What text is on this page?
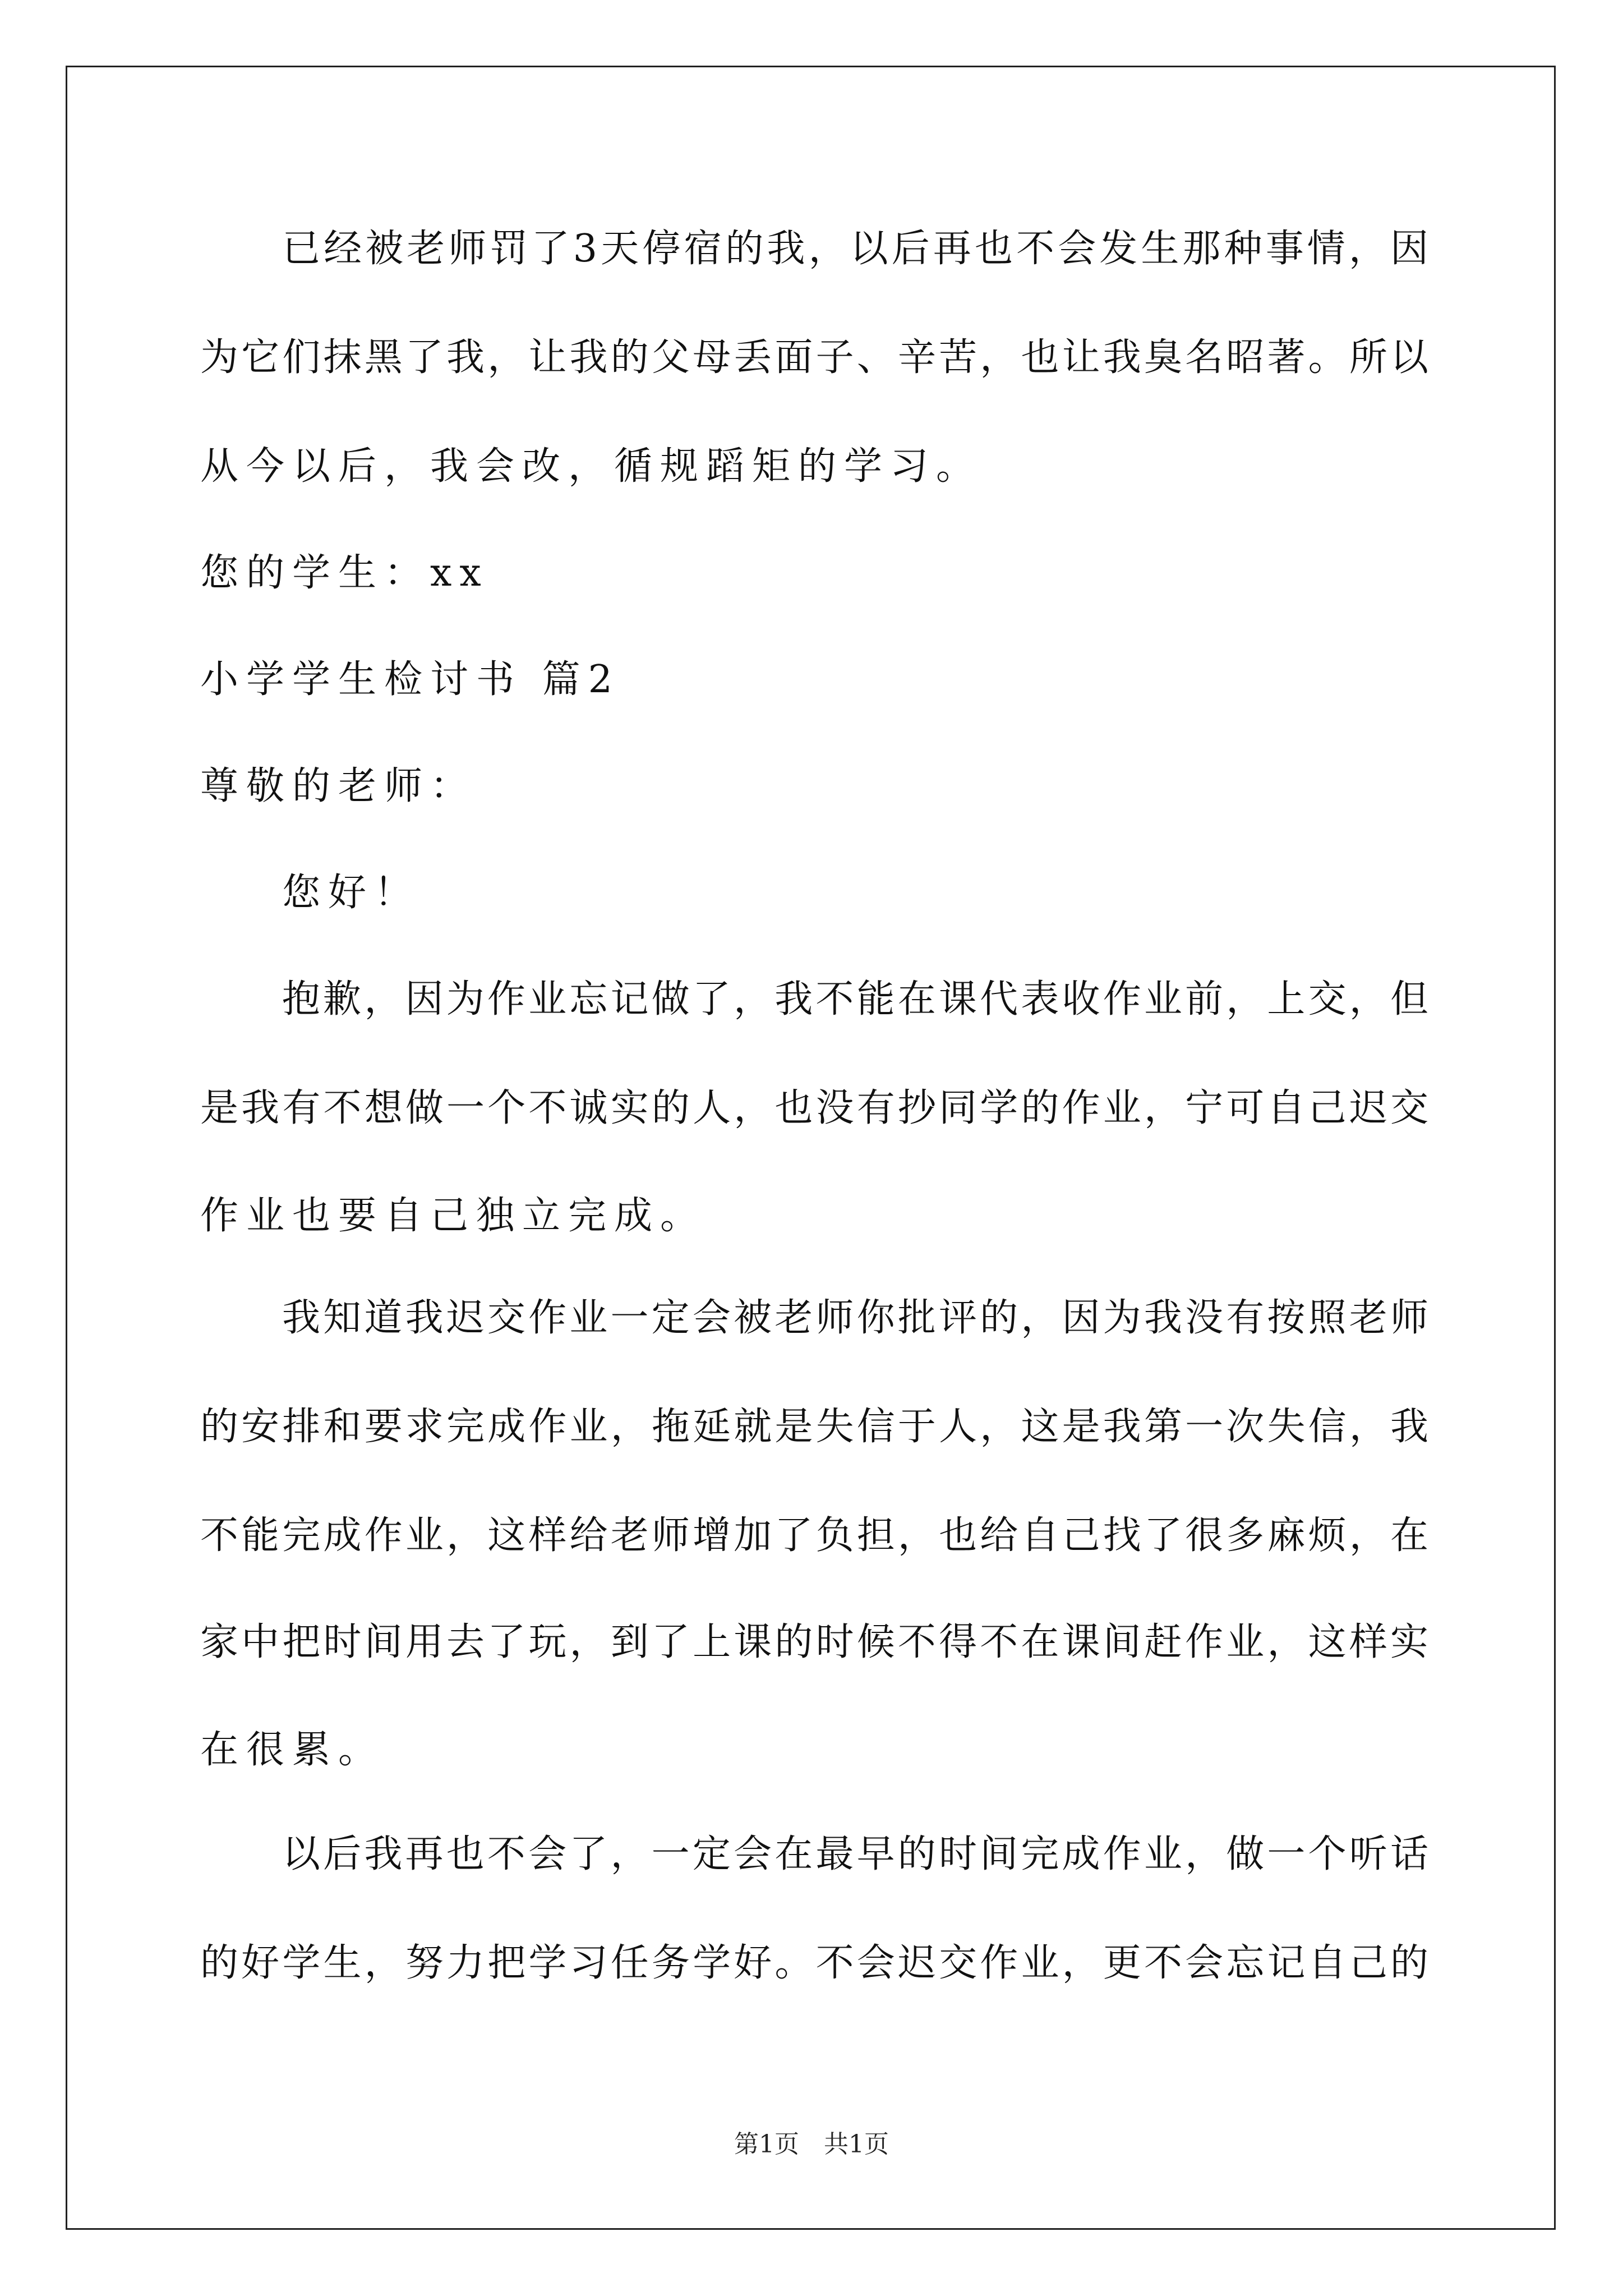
已经被老师罚了3天停宿的我，以后再也不会发生那种事情，因
为它们抹黑了我，让我的父母丢面子、辛苦，也让我臭名昭著。所以
从今以后，我会改，循规蹈矩的学习。
您的学生：xx
小学学生检讨书 篇2
尊敬的老师：
您好！
抱歉，因为作业忘记做了，我不能在课代表收作业前，上交，但
是我有不想做一个不诚实的人，也没有抄同学的作业，宁可自己迟交
作业也要自己独立完成。
我知道我迟交作业一定会被老师你批评的，因为我没有按照老师
的安排和要求完成作业，拖延就是失信于人，这是我第一次失信，我
不能完成作业，这样给老师增加了负担，也给自己找了很多麻烦，在
家中把时间用去了玩，到了上课的时候不得不在课间赶作业，这样实
在很累。
以后我再也不会了，一定会在最早的时间完成作业，做一个听话
的好学生，努力把学习任务学好。不会迟交作业，更不会忘记自己的
第1页　共1页
